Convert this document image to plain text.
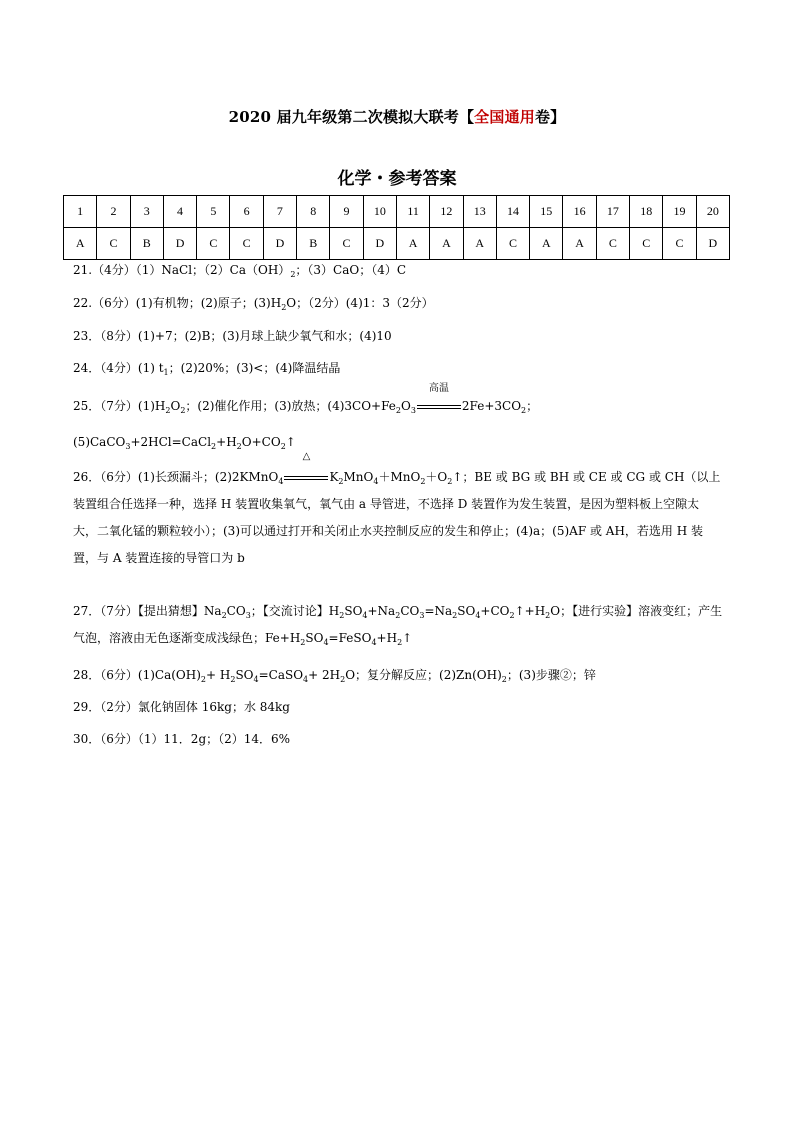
2020 届九年级第二次模拟大联考【全国通用卷】
化学・参考答案
1	2	3	4	5	6	7	8	9	10	11	12	13	14	15	16	17	18	19	20
A	C	B	D	C	C	D	B	C	D	A	A	A	C	A	A	C	C	C	D
21.（4分）（1）NaCl；$(2)Ca(OH)_2$；（3）CaO；（4）C
22.（6分）(1)有机物；(2)原子；$(3)H_2O$；（2分）(4)1：3（2分）
23．（8分）(1)+7；(2)B；(3)月球上缺少氧气和水；(4)10
24．（4分）(1) $t_1$；(2)20%；(3)<；(4)降温结晶
25．（7分）$(1)H_2O_2$；(2)催化作用；(3)放热；$(4)3CO+Fe_2O_3$
高温
$2Fe+3CO_2$；
$(5)CaCO_3+2HCl=CaCl_2+H_2O+CO_2↑$
26．（6分）(1)长颈漏斗；(2)2KMnO$_4$
△
$K_2MnO_4+MnO_2+O_2↑$；BE 或 BG 或 BH 或 CE 或 CG 或 CH（以上装置组合任选择一种，选择 H 装置收集氧气，氧气由 a 导管进，不选择 D 装置作为发生装置，是因为塑料板上空隙太大，二氧化锰的颗粒较小）；(3)可以通过打开和关闭止水夹控制反应的发生和停止；(4)a；(5)AF 或 AH，若选用 H 装置，与 A 装置连接的导管口为 b
27．（7分）【提出猜想】$Na_2CO_3$；【交流讨论】$H_2SO_4+Na_2CO_3=Na_2SO_4+CO_2↑+H_2O$；【进行实验】溶液变红；产生气泡，溶液由无色逐渐变成浅绿色；$Fe+H_2SO_4=FeSO_4+H_2↑$
28．（6分）$(1)Ca(OH)_2+$ $H_2SO_4=CaSO_4+ 2H_2O$；复分解反应；$(2)Zn(OH)_2$；(3)步骤②；锌
29．（2分）氯化钠固体 16kg；水 84kg
30．（6分）（1）11．2g；（2）14．6%
